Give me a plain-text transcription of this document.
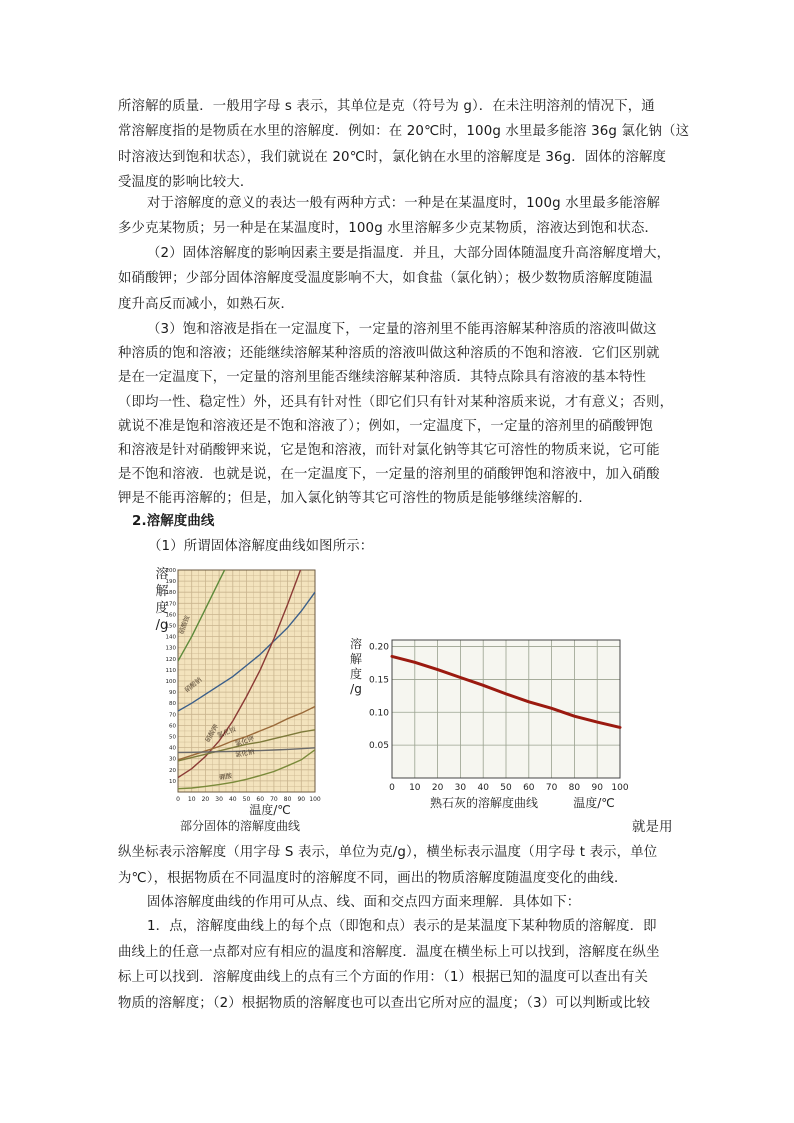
所溶解的质量．一般用字母 s 表示，其单位是克（符号为 g）．在未注明溶剂的情况下，通
常溶解度指的是物质在水里的溶解度．例如：在 20℃时，100g 水里最多能溶 36g 氯化钠（这
时溶液达到饱和状态），我们就说在 20℃时，氯化钠在水里的溶解度是 36g．固体的溶解度
受温度的影响比较大．
对于溶解度的意义的表达一般有两种方式：一种是在某温度时，100g 水里最多能溶解
多少克某物质；另一种是在某温度时，100g 水里溶解多少克某物质，溶液达到饱和状态．
（2）固体溶解度的影响因素主要是指温度．并且，大部分固体随温度升高溶解度增大，
如硝酸钾；少部分固体溶解度受温度影响不大，如食盐（氯化钠）；极少数物质溶解度随温
度升高反而减小，如熟石灰．
（3）饱和溶液是指在一定温度下，一定量的溶剂里不能再溶解某种溶质的溶液叫做这
种溶质的饱和溶液；还能继续溶解某种溶质的溶液叫做这种溶质的不饱和溶液．它们区别就
是在一定温度下，一定量的溶剂里能否继续溶解某种溶质．其特点除具有溶液的基本特性
（即均一性、稳定性）外，还具有针对性（即它们只有针对某种溶质来说，才有意义；否则，
就说不准是饱和溶液还是不饱和溶液了）；例如，一定温度下，一定量的溶剂里的硝酸钾饱
和溶液是针对硝酸钾来说，它是饱和溶液，而针对氯化钠等其它可溶性的物质来说，它可能
是不饱和溶液．也就是说，在一定温度下，一定量的溶剂里的硝酸钾饱和溶液中，加入硝酸
钾是不能再溶解的；但是，加入氯化钠等其它可溶性的物质是能够继续溶解的．
2.溶解度曲线
（1）所谓固体溶解度曲线如图所示：
10
20
30
40
50
60
70
80
90
100
110
120
130
140
150
160
170
180
190
200
0 10 20 30 40 50 60 70 80 90 100
溶
解
度
/g
温度/℃
部分固体的溶解度曲线
硝酸铵
硝酸钠
硝酸钾
氯化铵
氯化钾
氯化钠
硼酸
0.05
0.10
0.15
0.20
0 10 20 30 40 50 60 70 80 90 100
溶
解
度
/g
熟石灰的溶解度曲线	温度/℃
就是用
纵坐标表示溶解度（用字母 S 表示，单位为克/g），横坐标表示温度（用字母 t 表示，单位
为℃），根据物质在不同温度时的溶解度不同，画出的物质溶解度随温度变化的曲线．
固体溶解度曲线的作用可从点、线、面和交点四方面来理解．具体如下：
1．点，溶解度曲线上的每个点（即饱和点）表示的是某温度下某种物质的溶解度．即
曲线上的任意一点都对应有相应的温度和溶解度．温度在横坐标上可以找到，溶解度在纵坐
标上可以找到．溶解度曲线上的点有三个方面的作用：（1）根据已知的温度可以查出有关
物质的溶解度；（2）根据物质的溶解度也可以查出它所对应的温度；（3）可以判断或比较
